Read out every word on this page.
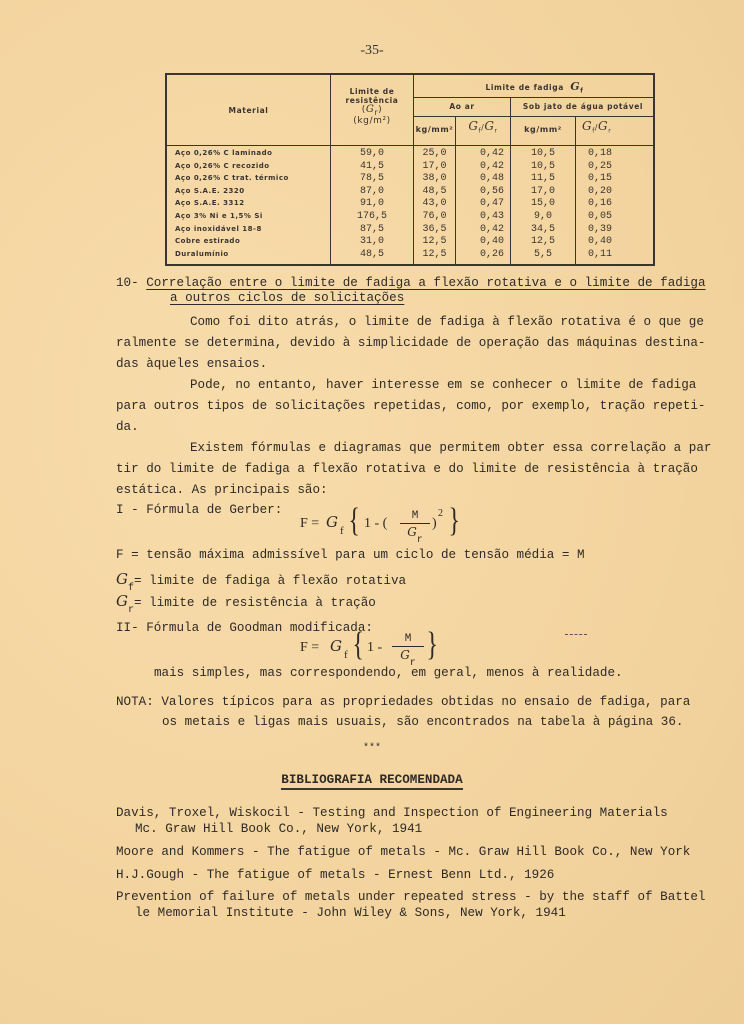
-35-
Material
Limite de
resistência
$(G_r)$
(kg/m²)
Limite de fadiga  $G_f$
Ao ar	Sob jato de água potável
kg/mm²	$G_f/G_r$	kg/mm²	$G_f/G_r$
Aço 0,26% C laminado	59,0	25,0	0,42	10,5	0,18
Aço 0,26% C recozido	41,5	17,0	0,42	10,5	0,25
Aço 0,26% C trat. térmico	78,5	38,0	0,48	11,5	0,15
Aço S.A.E. 2320	87,0	48,5	0,56	17,0	0,20
Aço S.A.E. 3312	91,0	43,0	0,47	15,0	0,16
Aço 3% Ni e 1,5% Si	176,5	76,0	0,43	9,0	0,05
Aço inoxidável 18-8	87,5	36,5	0,42	34,5	0,39
Cobre estirado	31,0	12,5	0,40	12,5	0,40
Duralumínio	48,5	12,5	0,26	5,5	0,11
10- Correlação entre o limite de fadiga a flexão rotativa e o limite de fadiga
a outros ciclos de solicitações
Como foi dito atrás, o limite de fadiga à flexão rotativa é o que ge
ralmente se determina, devido à simplicidade de operação das máquinas destina-
das àqueles ensaios.
Pode, no entanto, haver interesse em se conhecer o limite de fadiga
para outros tipos de solicitações repetidas, como, por exemplo, tração repeti-
da.
Existem fórmulas e diagramas que permitem obter essa correlação a par
tir do limite de fadiga a flexão rotativa e do limite de resistência à tração
estática. As principais são:
I - Fórmula de Gerber:
F = G f { 1 - (	M
Gr
)
2 }
F = tensão máxima admissível para um ciclo de tensão média = M
$G_f=$ limite de fadiga à flexão rotativa
$G_r=$ limite de resistência à tração
II- Fórmula de Goodman modificada:
F = G f { 1 -
M
Gr
}
mais simples, mas correspondendo, em geral, menos à realidade.
NOTA: Valores típicos para as propriedades obtidas no ensaio de fadiga, para
os metais e ligas mais usuais, são encontrados na tabela à página 36.
***
BIBLIOGRAFIA RECOMENDADA
Davis, Troxel, Wiskocil - Testing and Inspection of Engineering Materials
Mc. Graw Hill Book Co., New York, 1941
Moore and Kommers - The fatigue of metals - Mc. Graw Hill Book Co., New York
H.J.Gough - The fatigue of metals - Ernest Benn Ltd., 1926
Prevention of failure of metals under repeated stress - by the staff of Battel
le Memorial Institute - John Wiley & Sons, New York, 1941
